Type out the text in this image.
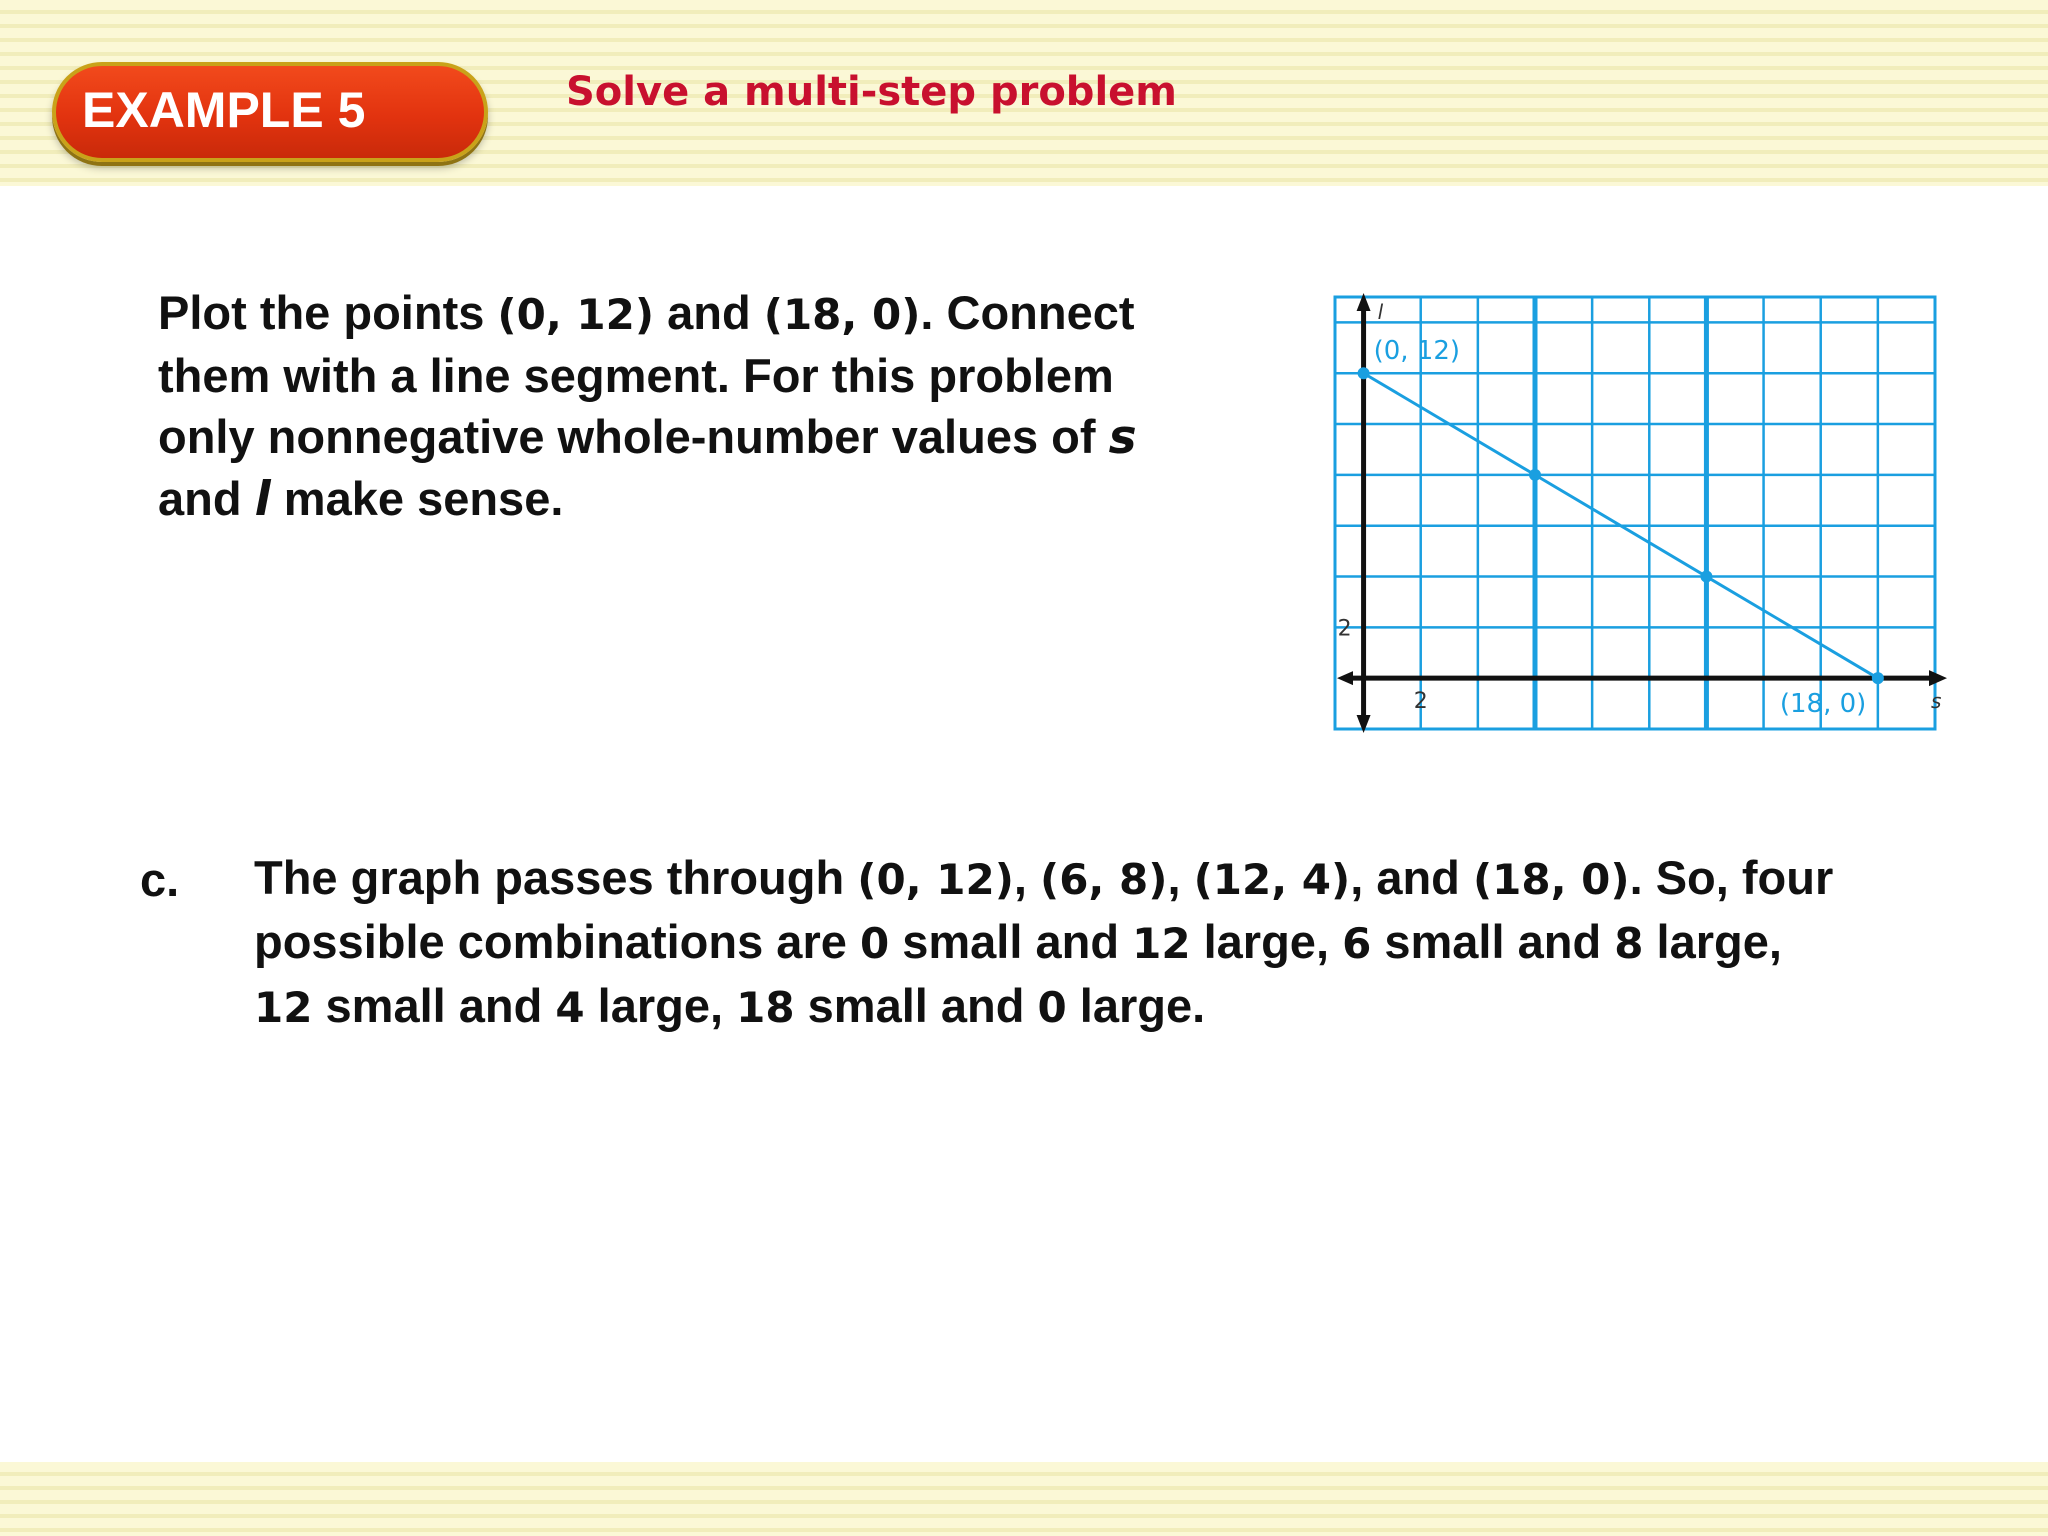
EXAMPLE 5	Solve a multi-step problem
Plot the points (0, 12) and (18, 0). Connect
them with a line segment. For this problem
only nonnegative whole-number values of s
and l make sense.
2
2
l
s
(0, 12)
(18, 0)
c. The graph passes through (0, 12), (6, 8), (12, 4), and (18, 0). So, four
possible combinations are 0 small and 12 large, 6 small and 8 large,
12 small and 4 large, 18 small and 0 large.
